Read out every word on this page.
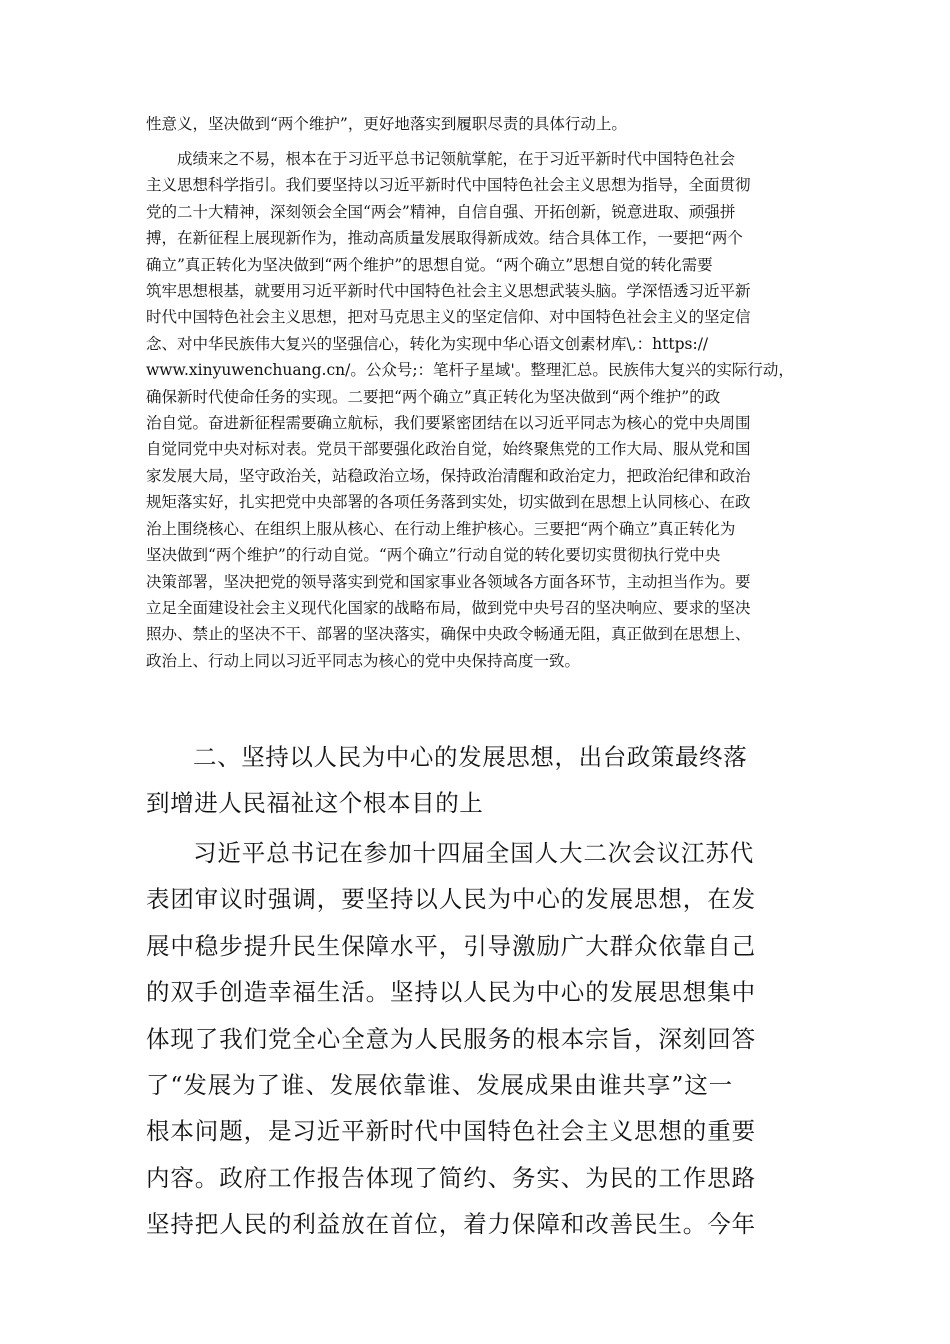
性意义，坚决做到“两个维护”，更好地落实到履职尽责的具体行动上。

　　成绩来之不易，根本在于习近平总书记领航掌舵，在于习近平新时代中国特色社会

主义思想科学指引。我们要坚持以习近平新时代中国特色社会主义思想为指导，全面贯彻

党的二十大精神，深刻领会全国“两会”精神，自信自强、开拓创新，锐意进取、顽强拼

搏，在新征程上展现新作为，推动高质量发展取得新成效。结合具体工作，一要把“两个

确立”真正转化为坚决做到“两个维护”的思想自觉。“两个确立”思想自觉的转化需要

筑牢思想根基，就要用习近平新时代中国特色社会主义思想武装头脑。学深悟透习近平新

时代中国特色社会主义思想，把对马克思主义的坚定信仰、对中国特色社会主义的坚定信

念、对中华民族伟大复兴的坚强信心，转化为实现中华心语文创素材库\,：https://

www.xinyuwenchuang.cn/。公众号;：笔杆子星域'。整理汇总。民族伟大复兴的实际行动，

确保新时代使命任务的实现。二要把“两个确立”真正转化为坚决做到“两个维护”的政

治自觉。奋进新征程需要确立航标，我们要紧密团结在以习近平同志为核心的党中央周围

自觉同党中央对标对表。党员干部要强化政治自觉，始终聚焦党的工作大局、服从党和国

家发展大局，坚守政治关，站稳政治立场，保持政治清醒和政治定力，把政治纪律和政治

规矩落实好，扎实把党中央部署的各项任务落到实处，切实做到在思想上认同核心、在政

治上围绕核心、在组织上服从核心、在行动上维护核心。三要把“两个确立”真正转化为

坚决做到“两个维护”的行动自觉。“两个确立”行动自觉的转化要切实贯彻执行党中央

决策部署，坚决把党的领导落实到党和国家事业各领域各方面各环节，主动担当作为。要

立足全面建设社会主义现代化国家的战略布局，做到党中央号召的坚决响应、要求的坚决

照办、禁止的坚决不干、部署的坚决落实，确保中央政令畅通无阻，真正做到在思想上、

政治上、行动上同以习近平同志为核心的党中央保持高度一致。

二、坚持以人民为中心的发展思想，出台政策最终落

到增进人民福祉这个根本目的上

习近平总书记在参加十四届全国人大二次会议江苏代

表团审议时强调，要坚持以人民为中心的发展思想，在发

展中稳步提升民生保障水平，引导激励广大群众依靠自己

的双手创造幸福生活。坚持以人民为中心的发展思想集中

体现了我们党全心全意为人民服务的根本宗旨，深刻回答

了“发展为了谁、发展依靠谁、发展成果由谁共享”这一

根本问题，是习近平新时代中国特色社会主义思想的重要

内容。政府工作报告体现了简约、务实、为民的工作思路

坚持把人民的利益放在首位，着力保障和改善民生。今年
